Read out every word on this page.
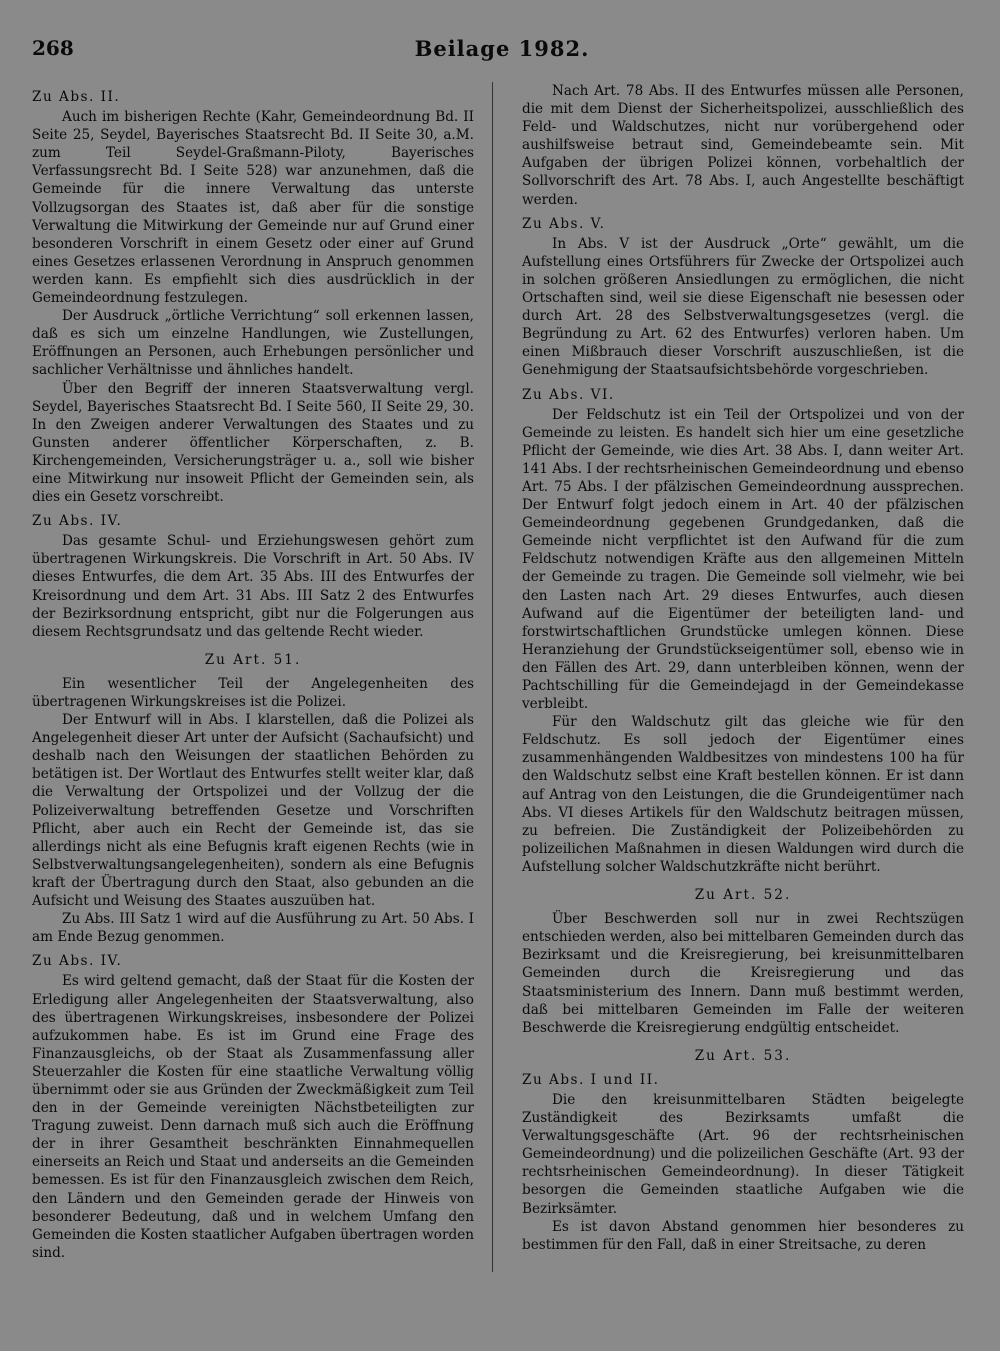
268	Beilage 1982.
Zu Abs. II.

Auch im bisherigen Rechte (Kahr, Gemeindeordnung Bd. II Seite 25, Seydel, Bayerisches Staatsrecht Bd. II Seite 30, a.M. zum Teil Seydel-Graßmann-Piloty, Bayerisches Verfassungsrecht Bd. I Seite 528) war anzunehmen, daß die Gemeinde für die innere Verwaltung das unterste Vollzugsorgan des Staates ist, daß aber für die sonstige Verwaltung die Mitwirkung der Gemeinde nur auf Grund einer besonderen Vorschrift in einem Gesetz oder einer auf Grund eines Gesetzes erlassenen Verordnung in Anspruch genommen werden kann. Es empfiehlt sich dies ausdrücklich in der Gemeindeordnung festzulegen.

Der Ausdruck „örtliche Verrichtung“ soll erkennen lassen, daß es sich um einzelne Handlungen, wie Zustellungen, Eröffnungen an Personen, auch Erhebungen persönlicher und sachlicher Verhältnisse und ähnliches handelt.

Über den Begriff der inneren Staatsverwaltung vergl. Seydel, Bayerisches Staatsrecht Bd. I Seite 560, II Seite 29, 30. In den Zweigen anderer Verwaltungen des Staates und zu Gunsten anderer öffentlicher Körperschaften, z. B. Kirchengemeinden, Versicherungsträger u. a., soll wie bisher eine Mitwirkung nur insoweit Pflicht der Gemeinden sein, als dies ein Gesetz vorschreibt.

Zu Abs. IV.

Das gesamte Schul- und Erziehungswesen gehört zum übertragenen Wirkungskreis. Die Vorschrift in Art. 50 Abs. IV dieses Entwurfes, die dem Art. 35 Abs. III des Entwurfes der Kreisordnung und dem Art. 31 Abs. III Satz 2 des Entwurfes der Bezirksordnung entspricht, gibt nur die Folgerungen aus diesem Rechtsgrundsatz und das geltende Recht wieder.

Zu Art. 51.

Ein wesentlicher Teil der Angelegenheiten des übertragenen Wirkungskreises ist die Polizei.

Der Entwurf will in Abs. I klarstellen, daß die Polizei als Angelegenheit dieser Art unter der Aufsicht (Sachaufsicht) und deshalb nach den Weisungen der staatlichen Behörden zu betätigen ist. Der Wortlaut des Entwurfes stellt weiter klar, daß die Verwaltung der Ortspolizei und der Vollzug der die Polizeiverwaltung betreffenden Gesetze und Vorschriften Pflicht, aber auch ein Recht der Gemeinde ist, das sie allerdings nicht als eine Befugnis kraft eigenen Rechts (wie in Selbstverwaltungsangelegenheiten), sondern als eine Befugnis kraft der Übertragung durch den Staat, also gebunden an die Aufsicht und Weisung des Staates auszuüben hat.

Zu Abs. III Satz 1 wird auf die Ausführung zu Art. 50 Abs. I am Ende Bezug genommen.

Zu Abs. IV.

Es wird geltend gemacht, daß der Staat für die Kosten der Erledigung aller Angelegenheiten der Staatsverwaltung, also des übertragenen Wirkungskreises, insbesondere der Polizei aufzukommen habe. Es ist im Grund eine Frage des Finanzausgleichs, ob der Staat als Zusammenfassung aller Steuerzahler die Kosten für eine staatliche Verwaltung völlig übernimmt oder sie aus Gründen der Zweckmäßigkeit zum Teil den in der Gemeinde vereinigten Nächstbeteiligten zur Tragung zuweist. Denn darnach muß sich auch die Eröffnung der in ihrer Gesamtheit beschränkten Einnahmequellen einerseits an Reich und Staat und anderseits an die Gemeinden bemessen. Es ist für den Finanzausgleich zwischen dem Reich, den Ländern und den Gemeinden gerade der Hinweis von besonderer Bedeutung, daß und in welchem Umfang den Gemeinden die Kosten staatlicher Aufgaben übertragen worden sind.

Nach Art. 78 Abs. II des Entwurfes müssen alle Personen, die mit dem Dienst der Sicherheitspolizei, ausschließlich des Feld- und Waldschutzes, nicht nur vorübergehend oder aushilfsweise betraut sind, Gemeindebeamte sein. Mit Aufgaben der übrigen Polizei können, vorbehaltlich der Sollvorschrift des Art. 78 Abs. I, auch Angestellte beschäftigt werden.

Zu Abs. V.

In Abs. V ist der Ausdruck „Orte“ gewählt, um die Aufstellung eines Ortsführers für Zwecke der Ortspolizei auch in solchen größeren Ansiedlungen zu ermöglichen, die nicht Ortschaften sind, weil sie diese Eigenschaft nie besessen oder durch Art. 28 des Selbstverwaltungsgesetzes (vergl. die Begründung zu Art. 62 des Entwurfes) verloren haben. Um einen Mißbrauch dieser Vorschrift auszuschließen, ist die Genehmigung der Staatsaufsichtsbehörde vorgeschrieben.

Zu Abs. VI.

Der Feldschutz ist ein Teil der Ortspolizei und von der Gemeinde zu leisten. Es handelt sich hier um eine gesetzliche Pflicht der Gemeinde, wie dies Art. 38 Abs. I, dann weiter Art. 141 Abs. I der rechtsrheinischen Gemeindeordnung und ebenso Art. 75 Abs. I der pfälzischen Gemeindeordnung aussprechen. Der Entwurf folgt jedoch einem in Art. 40 der pfälzischen Gemeindeordnung gegebenen Grundgedanken, daß die Gemeinde nicht verpflichtet ist den Aufwand für die zum Feldschutz notwendigen Kräfte aus den allgemeinen Mitteln der Gemeinde zu tragen. Die Gemeinde soll vielmehr, wie bei den Lasten nach Art. 29 dieses Entwurfes, auch diesen Aufwand auf die Eigentümer der beteiligten land- und forstwirtschaftlichen Grundstücke umlegen können. Diese Heranziehung der Grundstückseigentümer soll, ebenso wie in den Fällen des Art. 29, dann unterbleiben können, wenn der Pachtschilling für die Gemeindejagd in der Gemeindekasse verbleibt.

Für den Waldschutz gilt das gleiche wie für den Feldschutz. Es soll jedoch der Eigentümer eines zusammenhängenden Waldbesitzes von mindestens 100 ha für den Waldschutz selbst eine Kraft bestellen können. Er ist dann auf Antrag von den Leistungen, die die Grundeigentümer nach Abs. VI dieses Artikels für den Waldschutz beitragen müssen, zu befreien. Die Zuständigkeit der Polizeibehörden zu polizeilichen Maßnahmen in diesen Waldungen wird durch die Aufstellung solcher Waldschutzkräfte nicht berührt.

Zu Art. 52.

Über Beschwerden soll nur in zwei Rechtszügen entschieden werden, also bei mittelbaren Gemeinden durch das Bezirksamt und die Kreisregierung, bei kreisunmittelbaren Gemeinden durch die Kreisregierung und das Staatsministerium des Innern. Dann muß bestimmt werden, daß bei mittelbaren Gemeinden im Falle der weiteren Beschwerde die Kreisregierung endgültig entscheidet.

Zu Art. 53.
Zu Abs. I und II.

Die den kreisunmittelbaren Städten beigelegte Zuständigkeit des Bezirksamts umfaßt die Verwaltungsgeschäfte (Art. 96 der rechtsrheinischen Gemeindeordnung) und die polizeilichen Geschäfte (Art. 93 der rechtsrheinischen Gemeindeordnung). In dieser Tätigkeit besorgen die Gemeinden staatliche Aufgaben wie die Bezirksämter.

Es ist davon Abstand genommen hier besonderes zu bestimmen für den Fall, daß in einer Streitsache, zu deren
